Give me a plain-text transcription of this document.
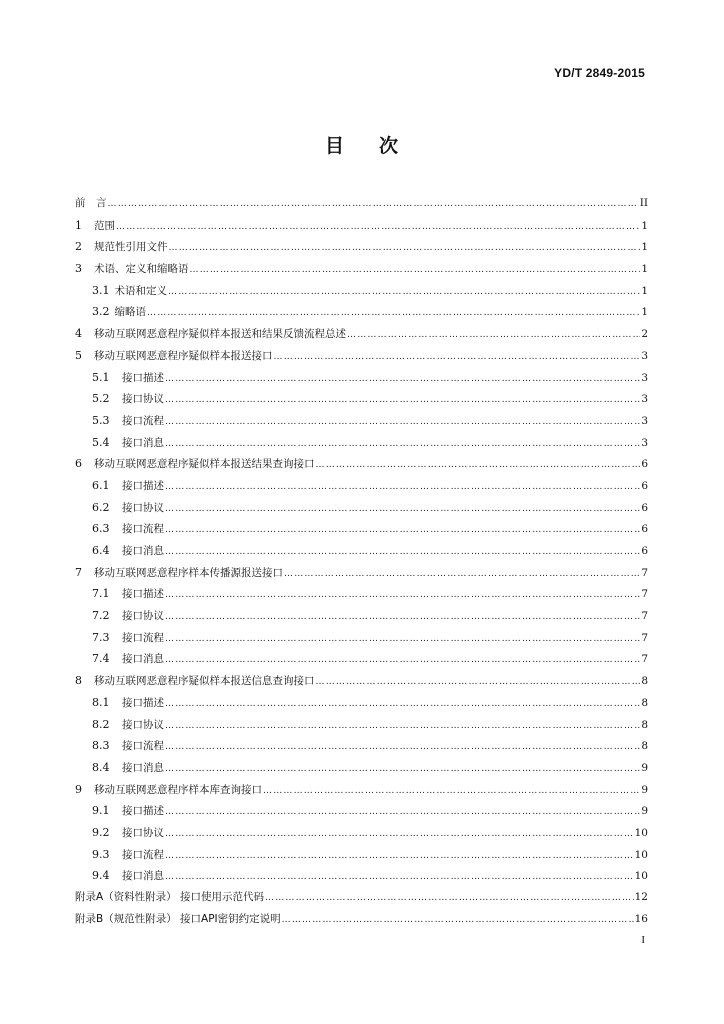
YD/T 2849-2015
目 次
前　言 …………………………………………………………………………………………………………………………………………………………………………………………………………………………………………	II
1	范围 …………………………………………………………………………………………………………………………………………………………………………………………………………………………………………	1
2	规范性引用文件 …………………………………………………………………………………………………………………………………………………………………………………………………………………………………………	1
3	术语、定义和缩略语 …………………………………………………………………………………………………………………………………………………………………………………………………………………………………………	1
3.1 术语和定义 …………………………………………………………………………………………………………………………………………………………………………………………………………………………………………	1
3.2 缩略语 …………………………………………………………………………………………………………………………………………………………………………………………………………………………………………	1
4	移动互联网恶意程序疑似样本报送和结果反馈流程总述 …………………………………………………………………………………………………………………………………………………………………………………………………………………………………………	2
5	移动互联网恶意程序疑似样本报送接口 …………………………………………………………………………………………………………………………………………………………………………………………………………………………………………	3
5.1	接口描述 …………………………………………………………………………………………………………………………………………………………………………………………………………………………………………	3
5.2	接口协议 …………………………………………………………………………………………………………………………………………………………………………………………………………………………………………	3
5.3	接口流程 …………………………………………………………………………………………………………………………………………………………………………………………………………………………………………	3
5.4	接口消息 …………………………………………………………………………………………………………………………………………………………………………………………………………………………………………	3
6	移动互联网恶意程序疑似样本报送结果查询接口 …………………………………………………………………………………………………………………………………………………………………………………………………………………………………………	6
6.1	接口描述 …………………………………………………………………………………………………………………………………………………………………………………………………………………………………………	6
6.2	接口协议 …………………………………………………………………………………………………………………………………………………………………………………………………………………………………………	6
6.3	接口流程 …………………………………………………………………………………………………………………………………………………………………………………………………………………………………………	6
6.4	接口消息 …………………………………………………………………………………………………………………………………………………………………………………………………………………………………………	6
7	移动互联网恶意程序样本传播源报送接口 …………………………………………………………………………………………………………………………………………………………………………………………………………………………………………	7
7.1	接口描述 …………………………………………………………………………………………………………………………………………………………………………………………………………………………………………	7
7.2	接口协议 …………………………………………………………………………………………………………………………………………………………………………………………………………………………………………	7
7.3	接口流程 …………………………………………………………………………………………………………………………………………………………………………………………………………………………………………	7
7.4	接口消息 …………………………………………………………………………………………………………………………………………………………………………………………………………………………………………	7
8	移动互联网恶意程序疑似样本报送信息查询接口 …………………………………………………………………………………………………………………………………………………………………………………………………………………………………………	8
8.1	接口描述 …………………………………………………………………………………………………………………………………………………………………………………………………………………………………………	8
8.2	接口协议 …………………………………………………………………………………………………………………………………………………………………………………………………………………………………………	8
8.3	接口流程 …………………………………………………………………………………………………………………………………………………………………………………………………………………………………………	8
8.4	接口消息 …………………………………………………………………………………………………………………………………………………………………………………………………………………………………………	9
9	移动互联网恶意程序样本库查询接口 …………………………………………………………………………………………………………………………………………………………………………………………………………………………………………	9
9.1	接口描述 …………………………………………………………………………………………………………………………………………………………………………………………………………………………………………	9
9.2	接口协议 …………………………………………………………………………………………………………………………………………………………………………………………………………………………………………	10
9.3	接口流程 …………………………………………………………………………………………………………………………………………………………………………………………………………………………………………	10
9.4	接口消息 …………………………………………………………………………………………………………………………………………………………………………………………………………………………………………	10
附录A（资料性附录） 接口使用示范代码 …………………………………………………………………………………………………………………………………………………………………………………………………………………………………………	12
附录B（规范性附录） 接口API密钥约定说明 …………………………………………………………………………………………………………………………………………………………………………………………………………………………………………	16
I
